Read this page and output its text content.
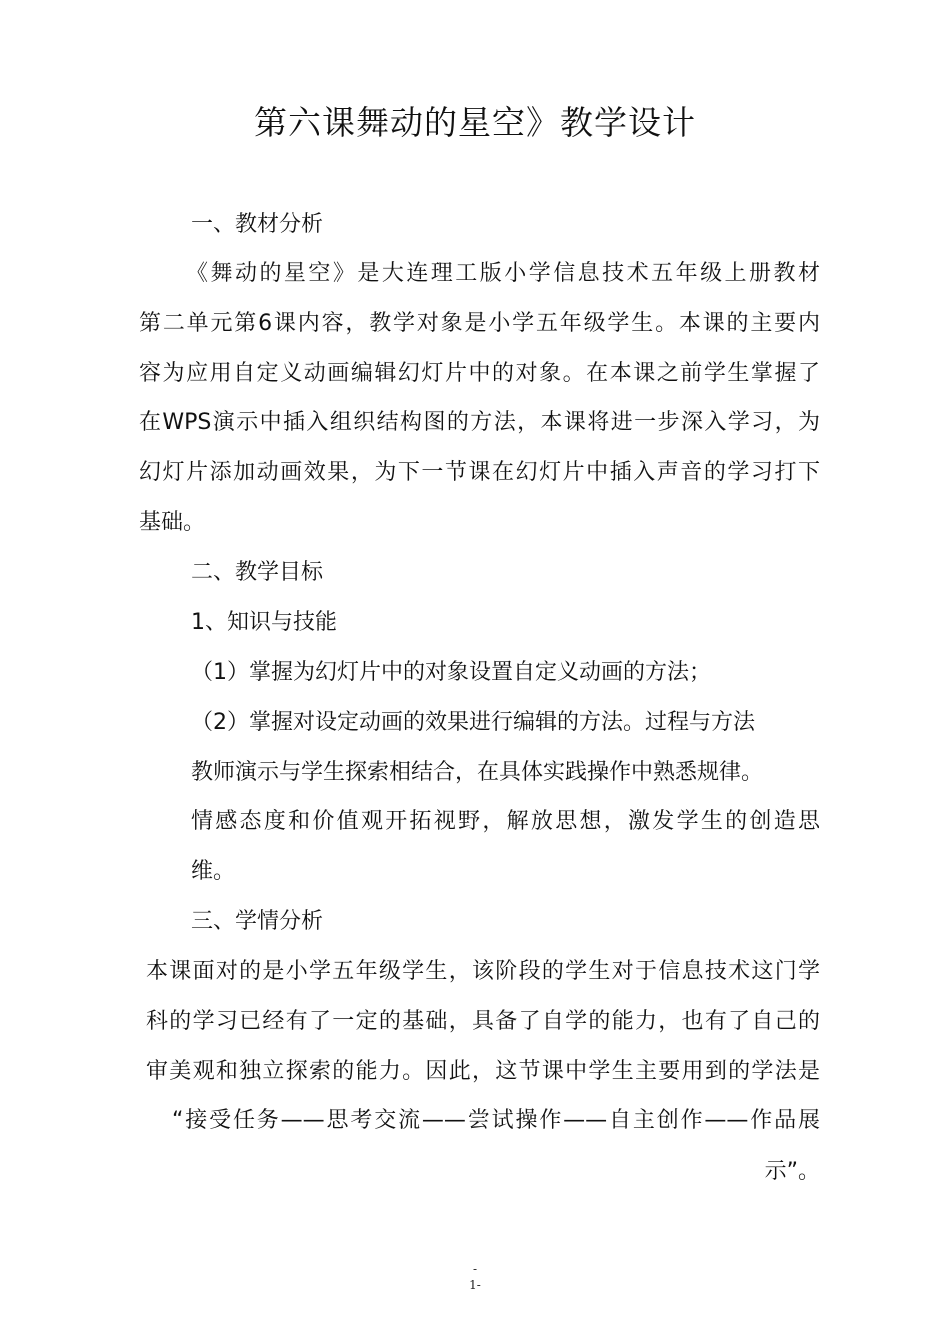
第六课舞动的星空》教学设计

一、教材分析

《舞动的星空》是大连理工版小学信息技术五年级上册教材

第二单元第6课内容，教学对象是小学五年级学生。本课的主要内

容为应用自定义动画编辑幻灯片中的对象。在本课之前学生掌握了

在WPS演示中插入组织结构图的方法，本课将进一步深入学习，为

幻灯片添加动画效果，为下一节课在幻灯片中插入声音的学习打下

基础。

二、教学目标

1、知识与技能

（1）掌握为幻灯片中的对象设置自定义动画的方法；

（2）掌握对设定动画的效果进行编辑的方法。过程与方法

教师演示与学生探索相结合，在具体实践操作中熟悉规律。

情感态度和价值观开拓视野，解放思想，激发学生的创造思

维。

三、学情分析

本课面对的是小学五年级学生，该阶段的学生对于信息技术这门学

科的学习已经有了一定的基础，具备了自学的能力，也有了自己的

审美观和独立探索的能力。因此，这节课中学生主要用到的学法是

“接受任务——思考交流——尝试操作——自主创作——作品展

示”。

-
1-
